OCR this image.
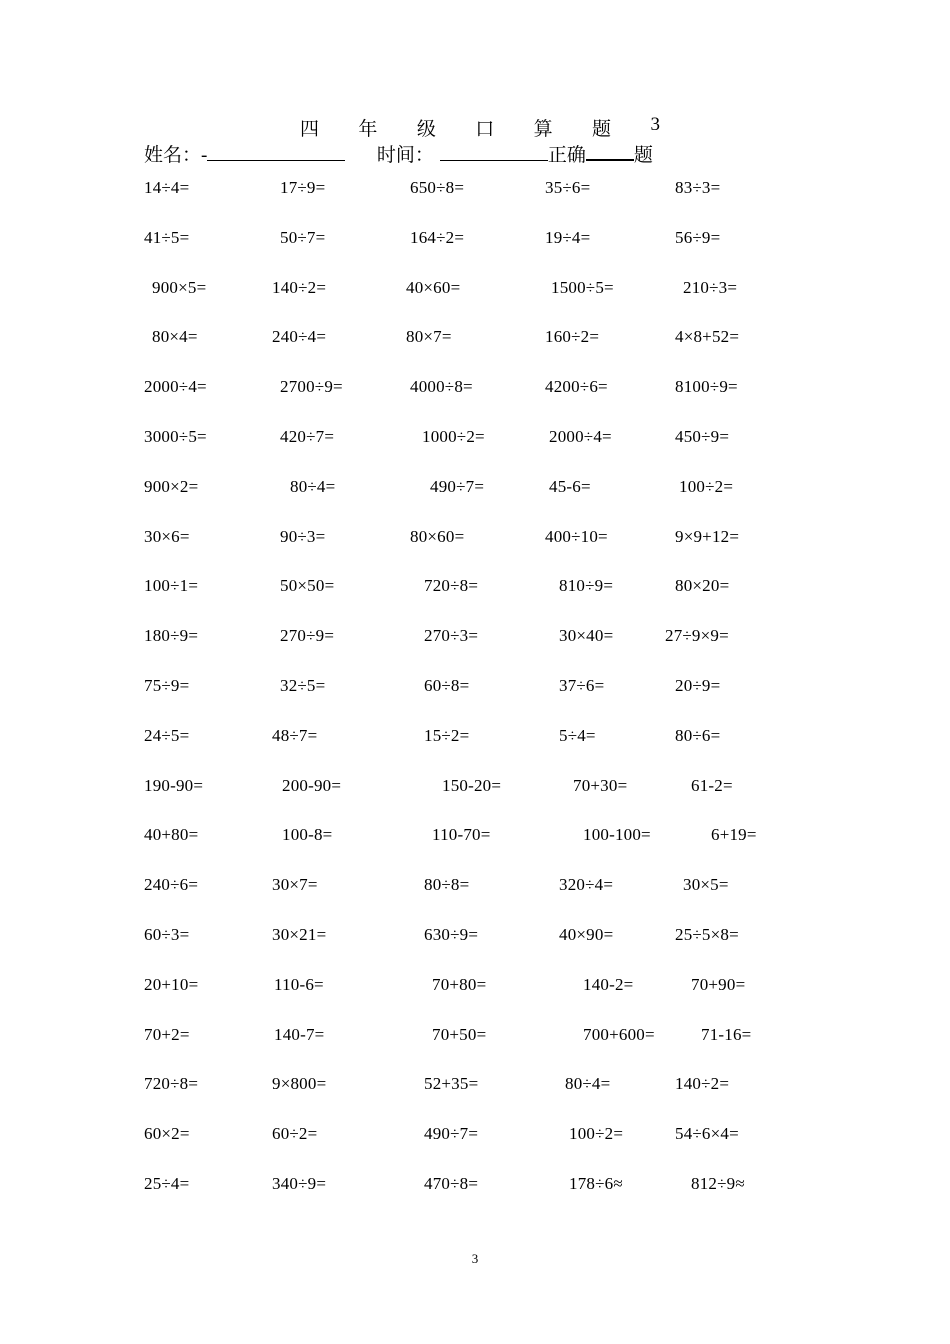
四 年 级 口 算 题 3
姓名：-	时间：	正确	题
14÷4=	17÷9=	650÷8=	35÷6=	83÷3=
41÷5=	50÷7=	164÷2=	19÷4=	56÷9=
900×5=	140÷2=	40×60=	1500÷5=	210÷3=
80×4=	240÷4=	80×7=	160÷2=	4×8+52=
2000÷4=	2700÷9=	4000÷8=	4200÷6=	8100÷9=
3000÷5=	420÷7=	1000÷2=	2000÷4=	450÷9=
900×2=	80÷4=	490÷7=	45-6=	100÷2=
30×6=	90÷3=	80×60=	400÷10=	9×9+12=
100÷1=	50×50=	720÷8=	810÷9=	80×20=
180÷9=	270÷9=	270÷3=	30×40=	27÷9×9=
75÷9=	32÷5=	60÷8=	37÷6=	20÷9=
24÷5=	48÷7=	15÷2=	5÷4=	80÷6=
190-90=	200-90=	150-20=	70+30=	61-2=
40+80=	100-8=	110-70=	100-100=	6+19=
240÷6=	30×7=	80÷8=	320÷4=	30×5=
60÷3=	30×21=	630÷9=	40×90=	25÷5×8=
20+10=	110-6=	70+80=	140-2=	70+90=
70+2=	140-7=	70+50=	700+600=	71-16=
720÷8=	9×800=	52+35=	80÷4=	140÷2=
60×2=	60÷2=	490÷7=	100÷2=	54÷6×4=
25÷4=	340÷9=	470÷8=	178÷6≈	812÷9≈
3
